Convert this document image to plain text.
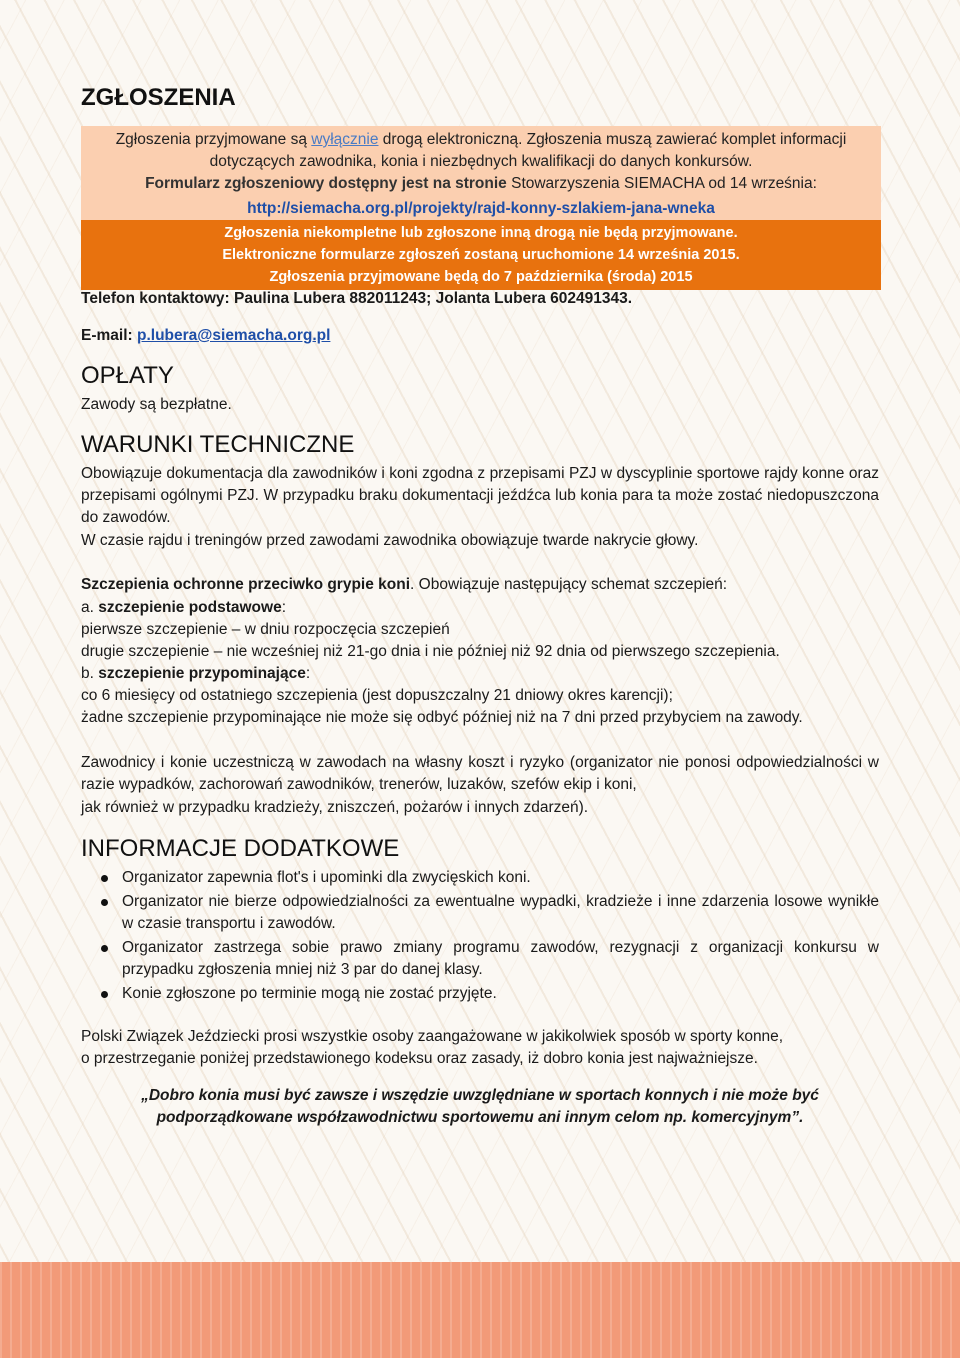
ZGŁOSZENIA
Zgłoszenia przyjmowane są wyłącznie drogą elektroniczną. Zgłoszenia muszą zawierać komplet informacji
dotyczących zawodnika, konia i niezbędnych kwalifikacji do danych konkursów.
Formularz zgłoszeniowy dostępny jest na stronie Stowarzyszenia SIEMACHA od 14 września:
http://siemacha.org.pl/projekty/rajd-konny-szlakiem-jana-wneka
Zgłoszenia niekompletne lub zgłoszone inną drogą nie będą przyjmowane.
Elektroniczne formularze zgłoszeń zostaną uruchomione 14 września 2015.
Zgłoszenia przyjmowane będą do 7 października (środa) 2015
Telefon kontaktowy: Paulina Lubera 882011243; Jolanta Lubera 602491343.
E-mail: p.lubera@siemacha.org.pl
OPŁATY
Zawody są bezpłatne.
WARUNKI TECHNICZNE
Obowiązuje dokumentacja dla zawodników i koni zgodna z przepisami PZJ w dyscyplinie sportowe rajdy konne oraz przepisami ogólnymi PZJ. W przypadku braku dokumentacji jeźdźca lub konia para ta może zostać niedopuszczona do zawodów.
W czasie rajdu i treningów przed zawodami zawodnika obowiązuje twarde nakrycie głowy.
Szczepienia ochronne przeciwko grypie koni. Obowiązuje następujący schemat szczepień:
a. szczepienie podstawowe:
pierwsze szczepienie – w dniu rozpoczęcia szczepień
drugie szczepienie – nie wcześniej niż 21-go dnia i nie później niż 92 dnia od pierwszego szczepienia.
b. szczepienie przypominające:
co 6 miesięcy od ostatniego szczepienia (jest dopuszczalny 21 dniowy okres karencji);
żadne szczepienie przypominające nie może się odbyć później niż na 7 dni przed przybyciem na zawody.
Zawodnicy i konie uczestniczą w zawodach na własny koszt i ryzyko (organizator nie ponosi odpowiedzialności w razie wypadków, zachorowań zawodników, trenerów, luzaków, szefów ekip i koni,
jak również w przypadku kradzieży, zniszczeń, pożarów i innych zdarzeń).
INFORMACJE DODATKOWE
Organizator zapewnia flot's i upominki dla zwycięskich koni.
Organizator nie bierze odpowiedzialności za ewentualne wypadki, kradzieże i inne zdarzenia losowe wynikłe w czasie transportu i zawodów.
Organizator zastrzega sobie prawo zmiany programu zawodów, rezygnacji z organizacji konkursu w przypadku zgłoszenia mniej niż 3 par do danej klasy.
Konie zgłoszone po terminie mogą nie zostać przyjęte.
Polski Związek Jeździecki prosi wszystkie osoby zaangażowane w jakikolwiek sposób w sporty konne,
o przestrzeganie poniżej przedstawionego kodeksu oraz zasady, iż dobro konia jest najważniejsze.
„Dobro konia musi być zawsze i wszędzie uwzględniane w sportach konnych i nie może być
podporządkowane współzawodnictwu sportowemu ani innym celom np. komercyjnym”.
